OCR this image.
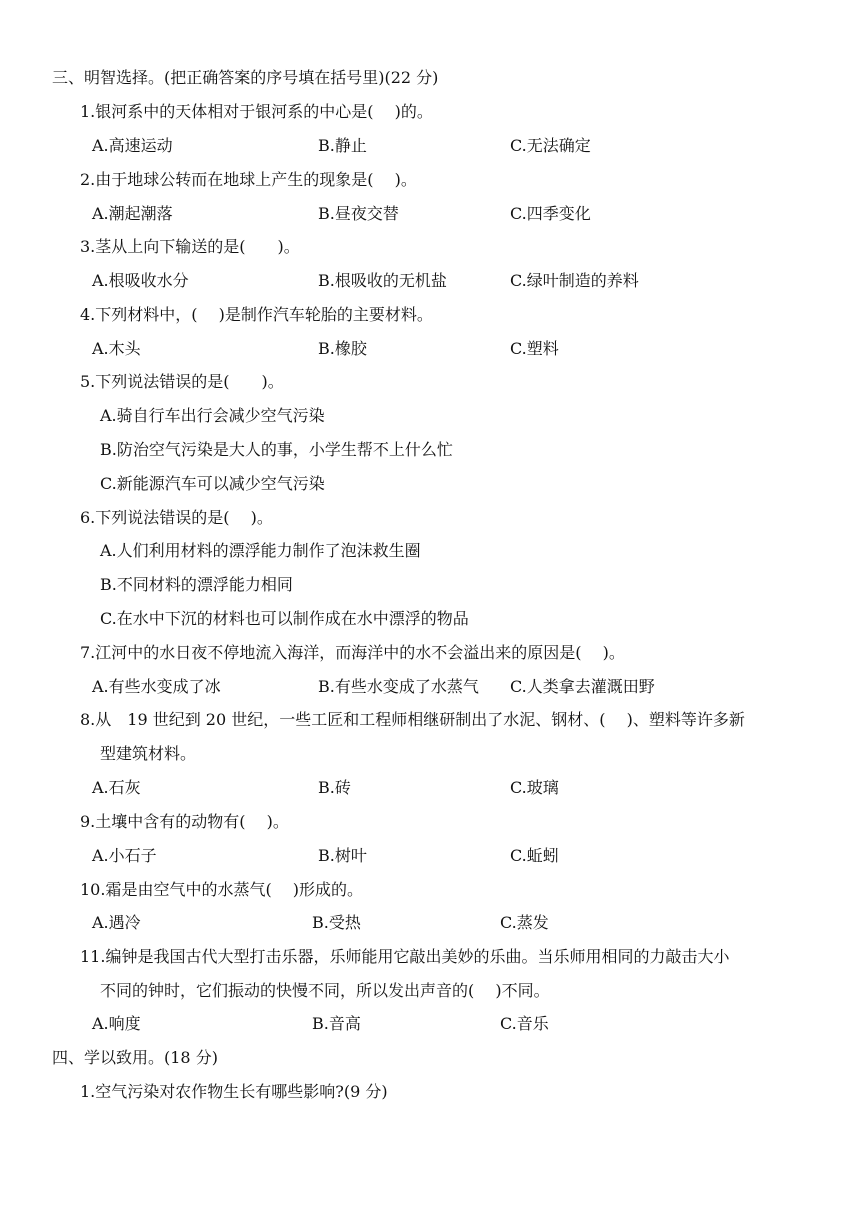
三、明智选择。(把正确答案的序号填在括号里)(22 分)
1.银河系中的天体相对于银河系的中心是(　 )的。
A.高速运动	B.静止	C.无法确定
2.由于地球公转而在地球上产生的现象是(　 )。
A.潮起潮落	B.昼夜交替	C.四季变化
3.茎从上向下输送的是(　　)。
A.根吸收水分	B.根吸收的无机盐	C.绿叶制造的养料
4.下列材料中，(　 )是制作汽车轮胎的主要材料。
A.木头	B.橡胶	C.塑料
5.下列说法错误的是(　　)。
A.骑自行车出行会减少空气污染
B.防治空气污染是大人的事，小学生帮不上什么忙
C.新能源汽车可以减少空气污染
6.下列说法错误的是(　 )。
A.人们利用材料的漂浮能力制作了泡沫救生圈
B.不同材料的漂浮能力相同
C.在水中下沉的材料也可以制作成在水中漂浮的物品
7.江河中的水日夜不停地流入海洋，而海洋中的水不会溢出来的原因是(　 )。
A.有些水变成了冰	B.有些水变成了水蒸气 C.人类拿去灌溉田野
8.从　19 世纪到 20 世纪，一些工匠和工程师相继研制出了水泥、钢材、(　 )、塑料等许多新
型建筑材料。
A.石灰	B.砖	C.玻璃
9.土壤中含有的动物有(　 )。
A.小石子	B.树叶	C.蚯蚓
10.霜是由空气中的水蒸气(　 )形成的。
A.遇冷	B.受热	C.蒸发
11.编钟是我国古代大型打击乐器，乐师能用它敲出美妙的乐曲。当乐师用相同的力敲击大小
不同的钟时，它们振动的快慢不同，所以发出声音的(　 )不同。
A.响度	B.音高	C.音乐
四、学以致用。(18 分)
1.空气污染对农作物生长有哪些影响?(9 分)
